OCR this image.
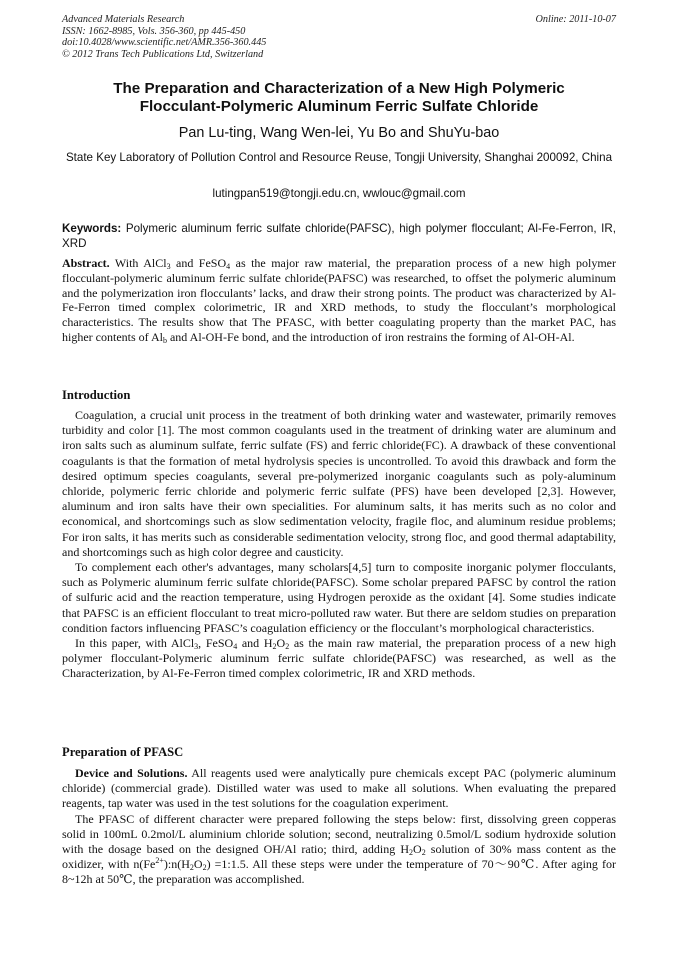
Advanced Materials Research
ISSN: 1662-8985, Vols. 356-360, pp 445-450
doi:10.4028/www.scientific.net/AMR.356-360.445
© 2012 Trans Tech Publications Ltd, Switzerland
Online: 2011-10-07
The Preparation and Characterization of a New High Polymeric
Flocculant-Polymeric Aluminum Ferric Sulfate Chloride
Pan Lu-ting, Wang Wen-lei, Yu Bo and ShuYu-bao
State Key Laboratory of Pollution Control and Resource Reuse, Tongji University, Shanghai 200092, China
lutingpan519@tongji.edu.cn, wwlouc@gmail.com
Keywords: Polymeric aluminum ferric sulfate chloride(PAFSC), high polymer flocculant; Al-Fe-Ferron, IR, XRD

Abstract. With AlCl$_3$ and FeSO$_4$ as the major raw material, the preparation process of a new high polymer flocculant-polymeric aluminum ferric sulfate chloride(PAFSC) was researched, to offset the polymeric aluminum and the polymerization iron flocculants’ lacks, and draw their strong points. The product was characterized by Al-Fe-Ferron timed complex colorimetric, IR and XRD methods, to study the flocculant’s morphological characteristics. The results show that The PFASC, with better coagulating property than the market PAC, has higher contents of $Al_b$ and Al-OH-Fe bond, and the introduction of iron restrains the forming of Al-OH-Al.

Introduction

Coagulation, a crucial unit process in the treatment of both drinking water and wastewater, primarily removes turbidity and color [1]. The most common coagulants used in the treatment of drinking water are aluminum and iron salts such as aluminum sulfate, ferric sulfate (FS) and ferric chloride(FC). A drawback of these conventional coagulants is that the formation of metal hydrolysis species is uncontrolled. To avoid this drawback and form the desired optimum species coagulants, several pre-polymerized inorganic coagulants such as poly-aluminum chloride, polymeric ferric chloride and polymeric ferric sulfate (PFS) have been developed [2,3]. However, aluminum and iron salts have their own specialities. For aluminum salts, it has merits such as no color and economical, and shortcomings such as slow sedimentation velocity, fragile floc, and aluminum residue problems; For iron salts, it has merits such as considerable sedimentation velocity, strong floc, and good thermal adaptability, and shortcomings such as high color degree and causticity.

To complement each other's advantages, many scholars[4,5] turn to composite inorganic polymer flocculants, such as Polymeric aluminum ferric sulfate chloride(PAFSC). Some scholar prepared PAFSC by control the ration of sulfuric acid and the reaction temperature, using Hydrogen peroxide as the oxidant [4]. Some studies indicate that PAFSC is an efficient flocculant to treat micro-polluted raw water. But there are seldom studies on preparation condition factors influencing PFASC’s coagulation efficiency or the flocculant’s morphological characteristics.

In this paper, with AlCl$_3$, FeSO$_4$ and $H_2O_2$ as the main raw material, the preparation process of a new high polymer flocculant-Polymeric aluminum ferric sulfate chloride(PAFSC) was researched, as well as the Characterization, by Al-Fe-Ferron timed complex colorimetric, IR and XRD methods.

Preparation of PFASC

Device and Solutions. All reagents used were analytically pure chemicals except PAC (polymeric aluminum chloride) (commercial grade). Distilled water was used to make all solutions. When evaluating the prepared reagents, tap water was used in the test solutions for the coagulation experiment.

The PFASC of different character were prepared following the steps below: first, dissolving green copperas solid in 100mL 0.2mol/L aluminium chloride solution; second, neutralizing 0.5mol/L sodium hydroxide solution with the dosage based on the designed OH/Al ratio; third, adding $H_2O_2$ solution of 30% mass content as the oxidizer, with $n(Fe^{2+}):n(H_2O_2)$ =1:1.5. All these steps were under the temperature of 70～90℃. After aging for 8~12h at 50℃, the preparation was accomplished.
